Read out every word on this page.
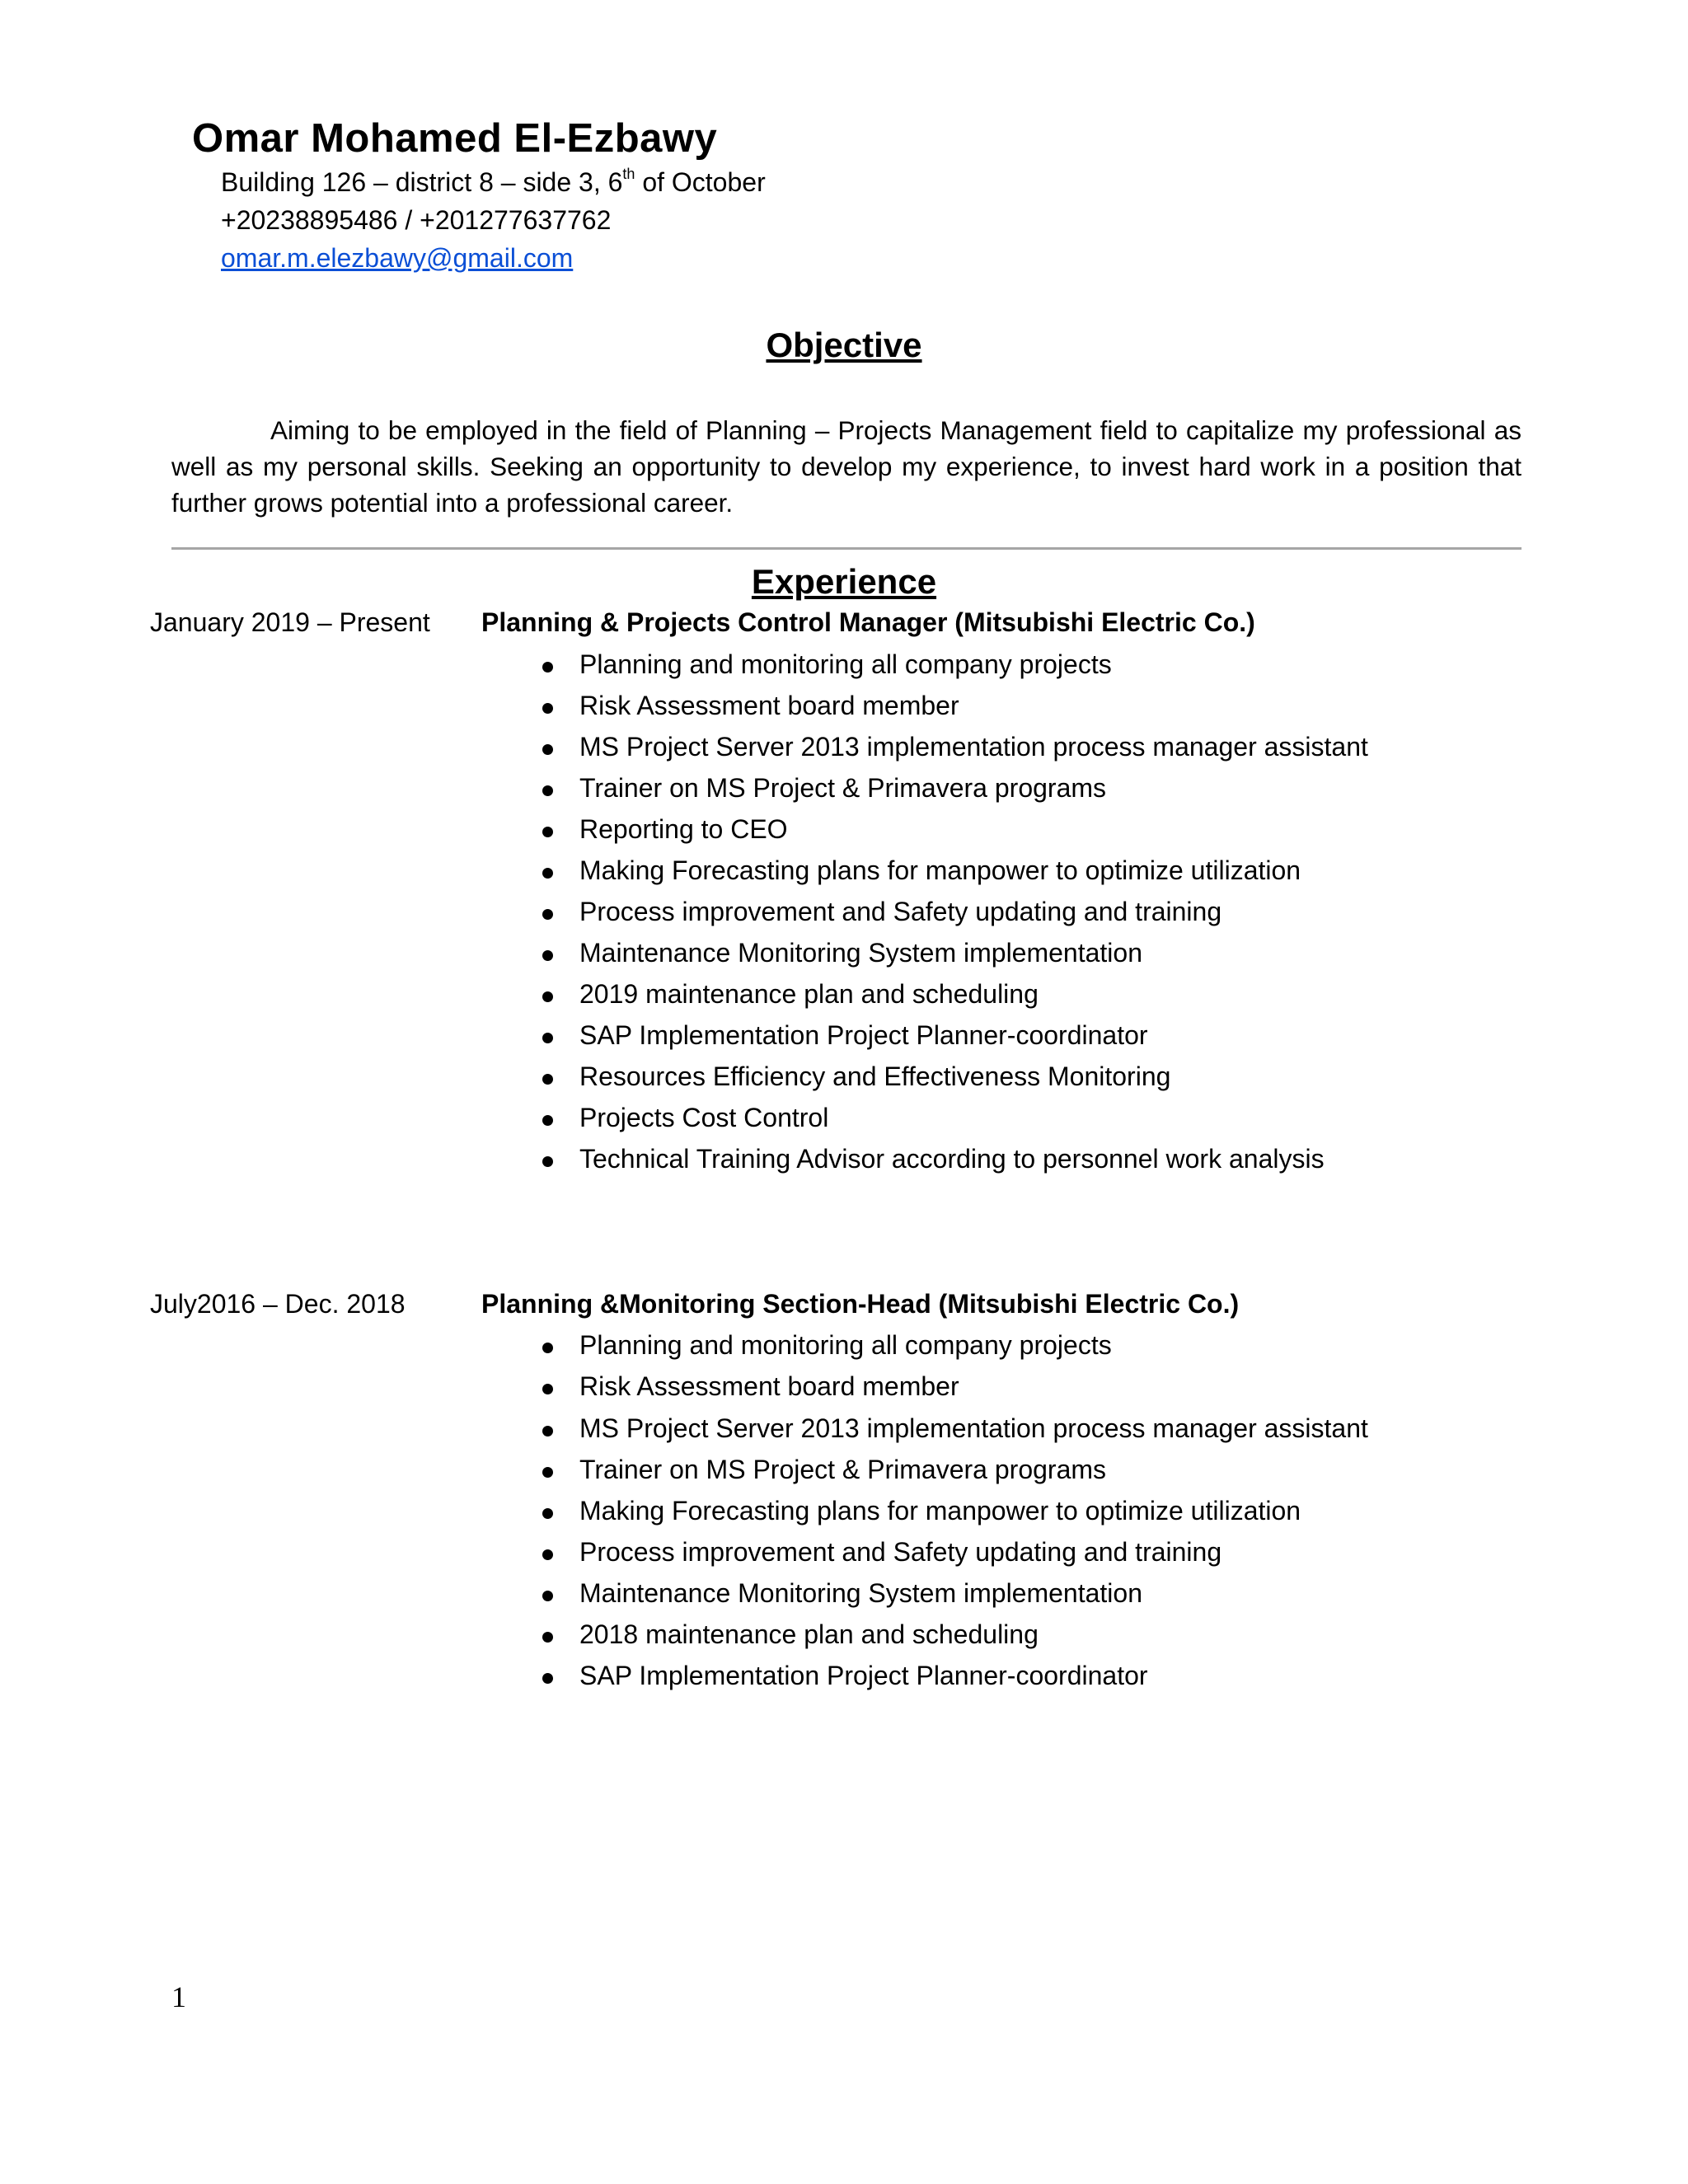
Omar Mohamed El-Ezbawy
Building 126 – district 8 – side 3, 6th of October
+20238895486 / +201277637762
omar.m.elezbawy@gmail.com
Objective
Aiming to be employed in the field of Planning – Projects Management field to capitalize my professional as well as my personal skills. Seeking an opportunity to develop my experience, to invest hard work in a position that further grows potential into a professional career.
Experience
January 2019 – Present Planning & Projects Control Manager (Mitsubishi Electric Co.)
Planning and monitoring all company projects
Risk Assessment board member
MS Project Server 2013 implementation process manager assistant
Trainer on MS Project & Primavera programs
Reporting to CEO
Making Forecasting plans for manpower to optimize utilization
Process improvement and Safety updating and training
Maintenance Monitoring System implementation
2019 maintenance plan and scheduling
SAP Implementation Project Planner-coordinator
Resources Efficiency and Effectiveness Monitoring
Projects Cost Control
Technical Training Advisor according to personnel work analysis
July2016 – Dec. 2018	Planning &Monitoring Section-Head (Mitsubishi Electric Co.)
Planning and monitoring all company projects
Risk Assessment board member
MS Project Server 2013 implementation process manager assistant
Trainer on MS Project & Primavera programs
Making Forecasting plans for manpower to optimize utilization
Process improvement and Safety updating and training
Maintenance Monitoring System implementation
2018 maintenance plan and scheduling
SAP Implementation Project Planner-coordinator
1
